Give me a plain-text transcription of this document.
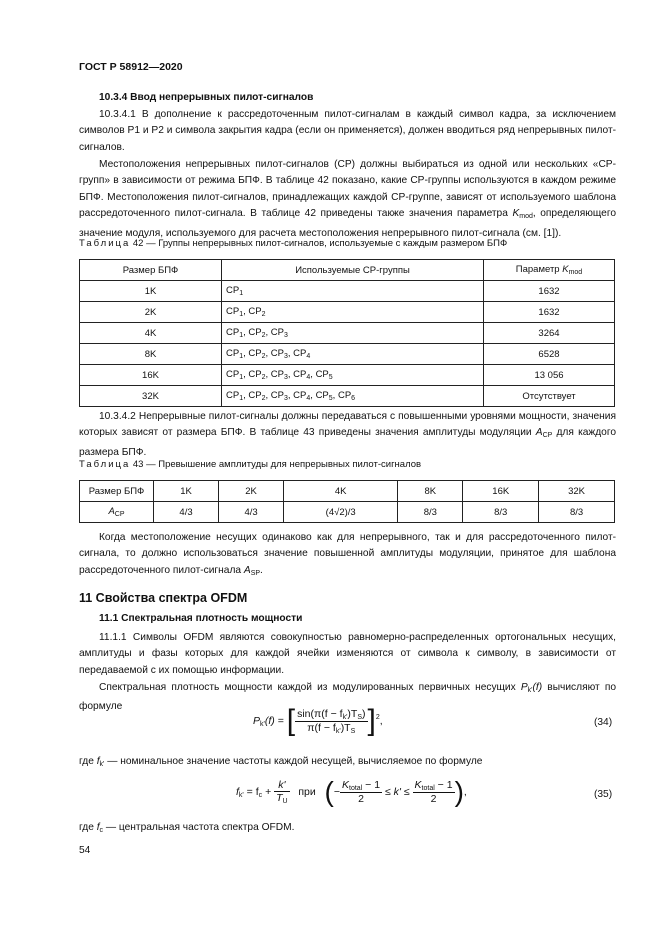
ГОСТ Р 58912—2020
10.3.4 Ввод непрерывных пилот-сигналов
10.3.4.1 В дополнение к рассредоточенным пилот-сигналам в каждый символ кадра, за исключением символов P1 и P2 и символа закрытия кадра (если он применяется), должен вводиться ряд непрерывных пилот-сигналов.
Местоположения непрерывных пилот-сигналов (CP) должны выбираться из одной или нескольких «CP-групп» в зависимости от режима БПФ. В таблице 42 показано, какие CP-группы используются в каждом режиме БПФ. Местоположения пилот-сигналов, принадлежащих каждой CP-группе, зависят от используемого шаблона рассредоточенного пилот-сигнала. В таблице 42 приведены также значения параметра $K_{mod}$, определяющего значение модуля, используемого для расчета местоположения непрерывного пилот-сигнала (см. [1]).
Таблица 42 — Группы непрерывных пилот-сигналов, используемые с каждым размером БПФ
Размер БПФ	Используемые CP-группы	Параметр $K_{mod}$
1K	$CP_1$	1632
2K	$CP_1$, $CP_2$	1632
4K	$CP_1$, $CP_2$, $CP_3$	3264
8K	$CP_1$, $CP_2$, $CP_3$, $CP_4$	6528
16K	$CP_1$, $CP_2$, $CP_3$, $CP_4$, $CP_5$	13 056
32K	$CP_1$, $CP_2$, $CP_3$, $CP_4$, $CP_5$, $CP_6$	Отсутствует
10.3.4.2 Непрерывные пилот-сигналы должны передаваться с повышенными уровнями мощности, значения которых зависят от размера БПФ. В таблице 43 приведены значения амплитуды модуляции $A_{CP}$ для каждого размера БПФ.
Таблица 43 — Превышение амплитуды для непрерывных пилот-сигналов
Размер БПФ	1K	2K	4K	8K	16K	32K
$A_{CP}$	4/3	4/3	(4√2)/3	8/3	8/3	8/3
Когда местоположение несущих одинаково как для непрерывного, так и для рассредоточенного пилот-сигнала, то должно использоваться значение повышенной амплитуды модуляции, принятое для шаблона рассредоточенного пилот-сигнала $A_{SP}$.
11 Свойства спектра OFDM
11.1 Спектральная плотность мощности
11.1.1 Символы OFDM являются совокупностью равномерно-распределенных ортогональных несущих, амплитуды и фазы которых для каждой ячейки изменяются от символа к символу, в зависимости от передаваемой с их помощью информации.
Спектральная плотность мощности каждой из модулированных первичных несущих $P_{k'}(f)$ вычисляют по формуле
$P_{k'}(f)$ = [ $\frac{\sin(\pi(f - f_{k'})T_S)}{\pi(f - f_{k'})T_S} ]^2$,	(34)
где $f_{k'}$ — номинальное значение частоты каждой несущей, вычисляемое по формуле
$f_{k'} = f_c + \frac{k'}{T_U}$ при (− $\frac{K_{total} - 1}{2} \le k' \le \frac{K_{total} - 1}{2}$ ),	(35)
где $f_c$ — центральная частота спектра OFDM.
54
